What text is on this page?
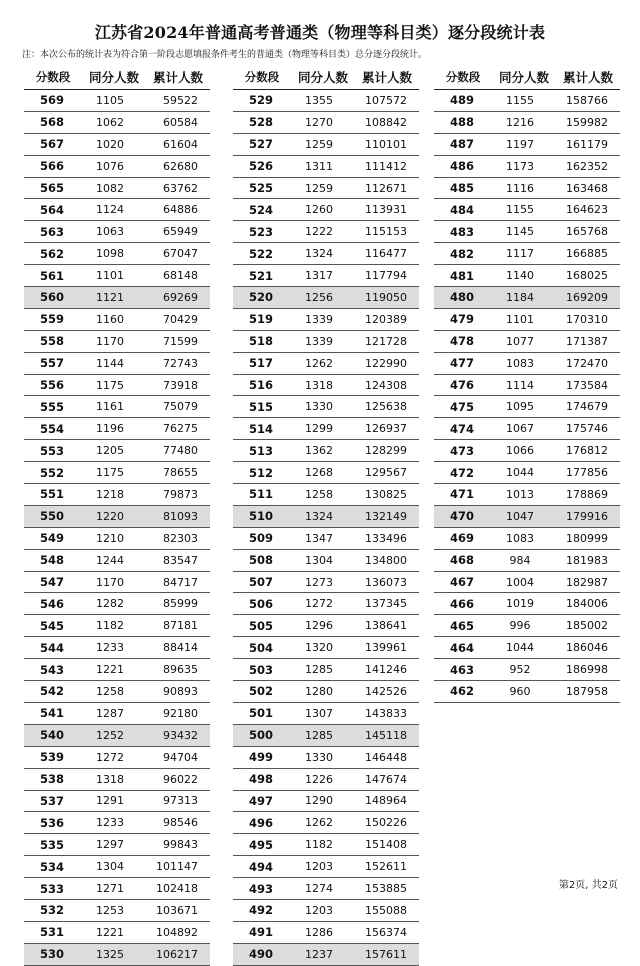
江苏省2024年普通高考普通类（物理等科目类）逐分段统计表
注：本次公布的统计表为符合第一阶段志愿填报条件考生的普通类（物理等科目类）总分逐分段统计。
分数段	同分人数	累计人数
569	1105	59522
568	1062	60584
567	1020	61604
566	1076	62680
565	1082	63762
564	1124	64886
563	1063	65949
562	1098	67047
561	1101	68148
560	1121	69269
559	1160	70429
558	1170	71599
557	1144	72743
556	1175	73918
555	1161	75079
554	1196	76275
553	1205	77480
552	1175	78655
551	1218	79873
550	1220	81093
549	1210	82303
548	1244	83547
547	1170	84717
546	1282	85999
545	1182	87181
544	1233	88414
543	1221	89635
542	1258	90893
541	1287	92180
540	1252	93432
539	1272	94704
538	1318	96022
537	1291	97313
536	1233	98546
535	1297	99843
534	1304	101147
533	1271	102418
532	1253	103671
531	1221	104892
530	1325	106217
分数段	同分人数	累计人数
529	1355	107572
528	1270	108842
527	1259	110101
526	1311	111412
525	1259	112671
524	1260	113931
523	1222	115153
522	1324	116477
521	1317	117794
520	1256	119050
519	1339	120389
518	1339	121728
517	1262	122990
516	1318	124308
515	1330	125638
514	1299	126937
513	1362	128299
512	1268	129567
511	1258	130825
510	1324	132149
509	1347	133496
508	1304	134800
507	1273	136073
506	1272	137345
505	1296	138641
504	1320	139961
503	1285	141246
502	1280	142526
501	1307	143833
500	1285	145118
499	1330	146448
498	1226	147674
497	1290	148964
496	1262	150226
495	1182	151408
494	1203	152611
493	1274	153885
492	1203	155088
491	1286	156374
490	1237	157611
分数段	同分人数	累计人数
489	1155	158766
488	1216	159982
487	1197	161179
486	1173	162352
485	1116	163468
484	1155	164623
483	1145	165768
482	1117	166885
481	1140	168025
480	1184	169209
479	1101	170310
478	1077	171387
477	1083	172470
476	1114	173584
475	1095	174679
474	1067	175746
473	1066	176812
472	1044	177856
471	1013	178869
470	1047	179916
469	1083	180999
468	984	181983
467	1004	182987
466	1019	184006
465	996	185002
464	1044	186046
463	952	186998
462	960	187958
第2页, 共2页
